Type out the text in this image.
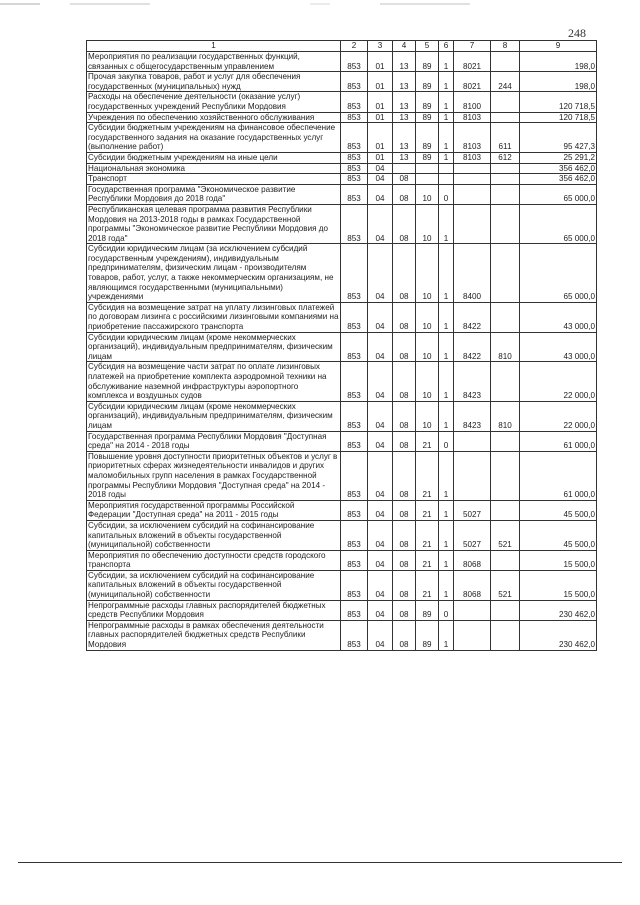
248
1	2	3	4	5	6	7	8	9
Мероприятия по реализации государственных функций, связанных с общегосударственным управлением	853	01	13	89	1	8021		198,0
Прочая закупка товаров, работ и услуг для обеспечения государственных (муниципальных) нужд	853	01	13	89	1	8021	244	198,0
Расходы на обеспечение деятельности (оказание услуг) государственных учреждений Республики Мордовия	853	01	13	89	1	8100		120 718,5
Учреждения по обеспечению хозяйственного обслуживания	853	01	13	89	1	8103		120 718,5
Субсидии бюджетным учреждениям на финансовое обеспечение государственного задания на оказание государственных услуг (выполнение работ)	853	01	13	89	1	8103	611	95 427,3
Субсидии бюджетным учреждениям на иные цели	853	01	13	89	1	8103	612	25 291,2
Национальная экономика	853	04						356 462,0
Транспорт	853	04	08					356 462,0
Государственная программа "Экономическое развитие Республики Мордовия до 2018 года"	853	04	08	10	0			65 000,0
Республиканская целевая программа развития Республики Мордовия на 2013-2018 годы в рамках Государственной программы "Экономическое развитие Республики Мордовия до 2018 года"	853	04	08	10	1			65 000,0
Субсидии юридическим лицам (за исключением субсидий государственным учреждениям), индивидуальным предпринимателям, физическим лицам - производителям товаров, работ, услуг, а также некоммерческим организациям, не являющимся государственными (муниципальными) учреждениями	853	04	08	10	1	8400		65 000,0
Субсидия на возмещение затрат на уплату лизинговых платежей по договорам лизинга с российскими лизинговыми компаниями на приобретение пассажирского транспорта	853	04	08	10	1	8422		43 000,0
Субсидии юридическим лицам (кроме некоммерческих организаций), индивидуальным предпринимателям, физическим лицам	853	04	08	10	1	8422	810	43 000,0
Субсидия на возмещение части затрат по оплате лизинговых платежей на приобретение комплекта аэродромной техники на обслуживание наземной инфраструктуры аэропортного комплекса и воздушных судов	853	04	08	10	1	8423		22 000,0
Субсидии юридическим лицам (кроме некоммерческих организаций), индивидуальным предпринимателям, физическим лицам	853	04	08	10	1	8423	810	22 000,0
Государственная программа Республики Мордовия "Доступная среда" на 2014 - 2018 годы	853	04	08	21	0			61 000,0
Повышение уровня доступности приоритетных объектов и услуг в приоритетных сферах жизнедеятельности инвалидов и других маломобильных групп населения в рамках Государственной программы Республики Мордовия "Доступная среда" на 2014 - 2018 годы	853	04	08	21	1			61 000,0
Мероприятия государственной программы Российской Федерации "Доступная среда" на 2011 - 2015 годы	853	04	08	21	1	5027		45 500,0
Субсидии, за исключением субсидий на софинансирование капитальных вложений в объекты государственной (муниципальной) собственности	853	04	08	21	1	5027	521	45 500,0
Мероприятия по обеспечению доступности средств городского транспорта	853	04	08	21	1	8068		15 500,0
Субсидии, за исключением субсидий на софинансирование капитальных вложений в объекты государственной (муниципальной) собственности	853	04	08	21	1	8068	521	15 500,0
Непрограммные расходы главных распорядителей бюджетных средств Республики Мордовия	853	04	08	89	0			230 462,0
Непрограммные расходы в рамках обеспечения деятельности главных распорядителей бюджетных средств Республики Мордовия	853	04	08	89	1			230 462,0
